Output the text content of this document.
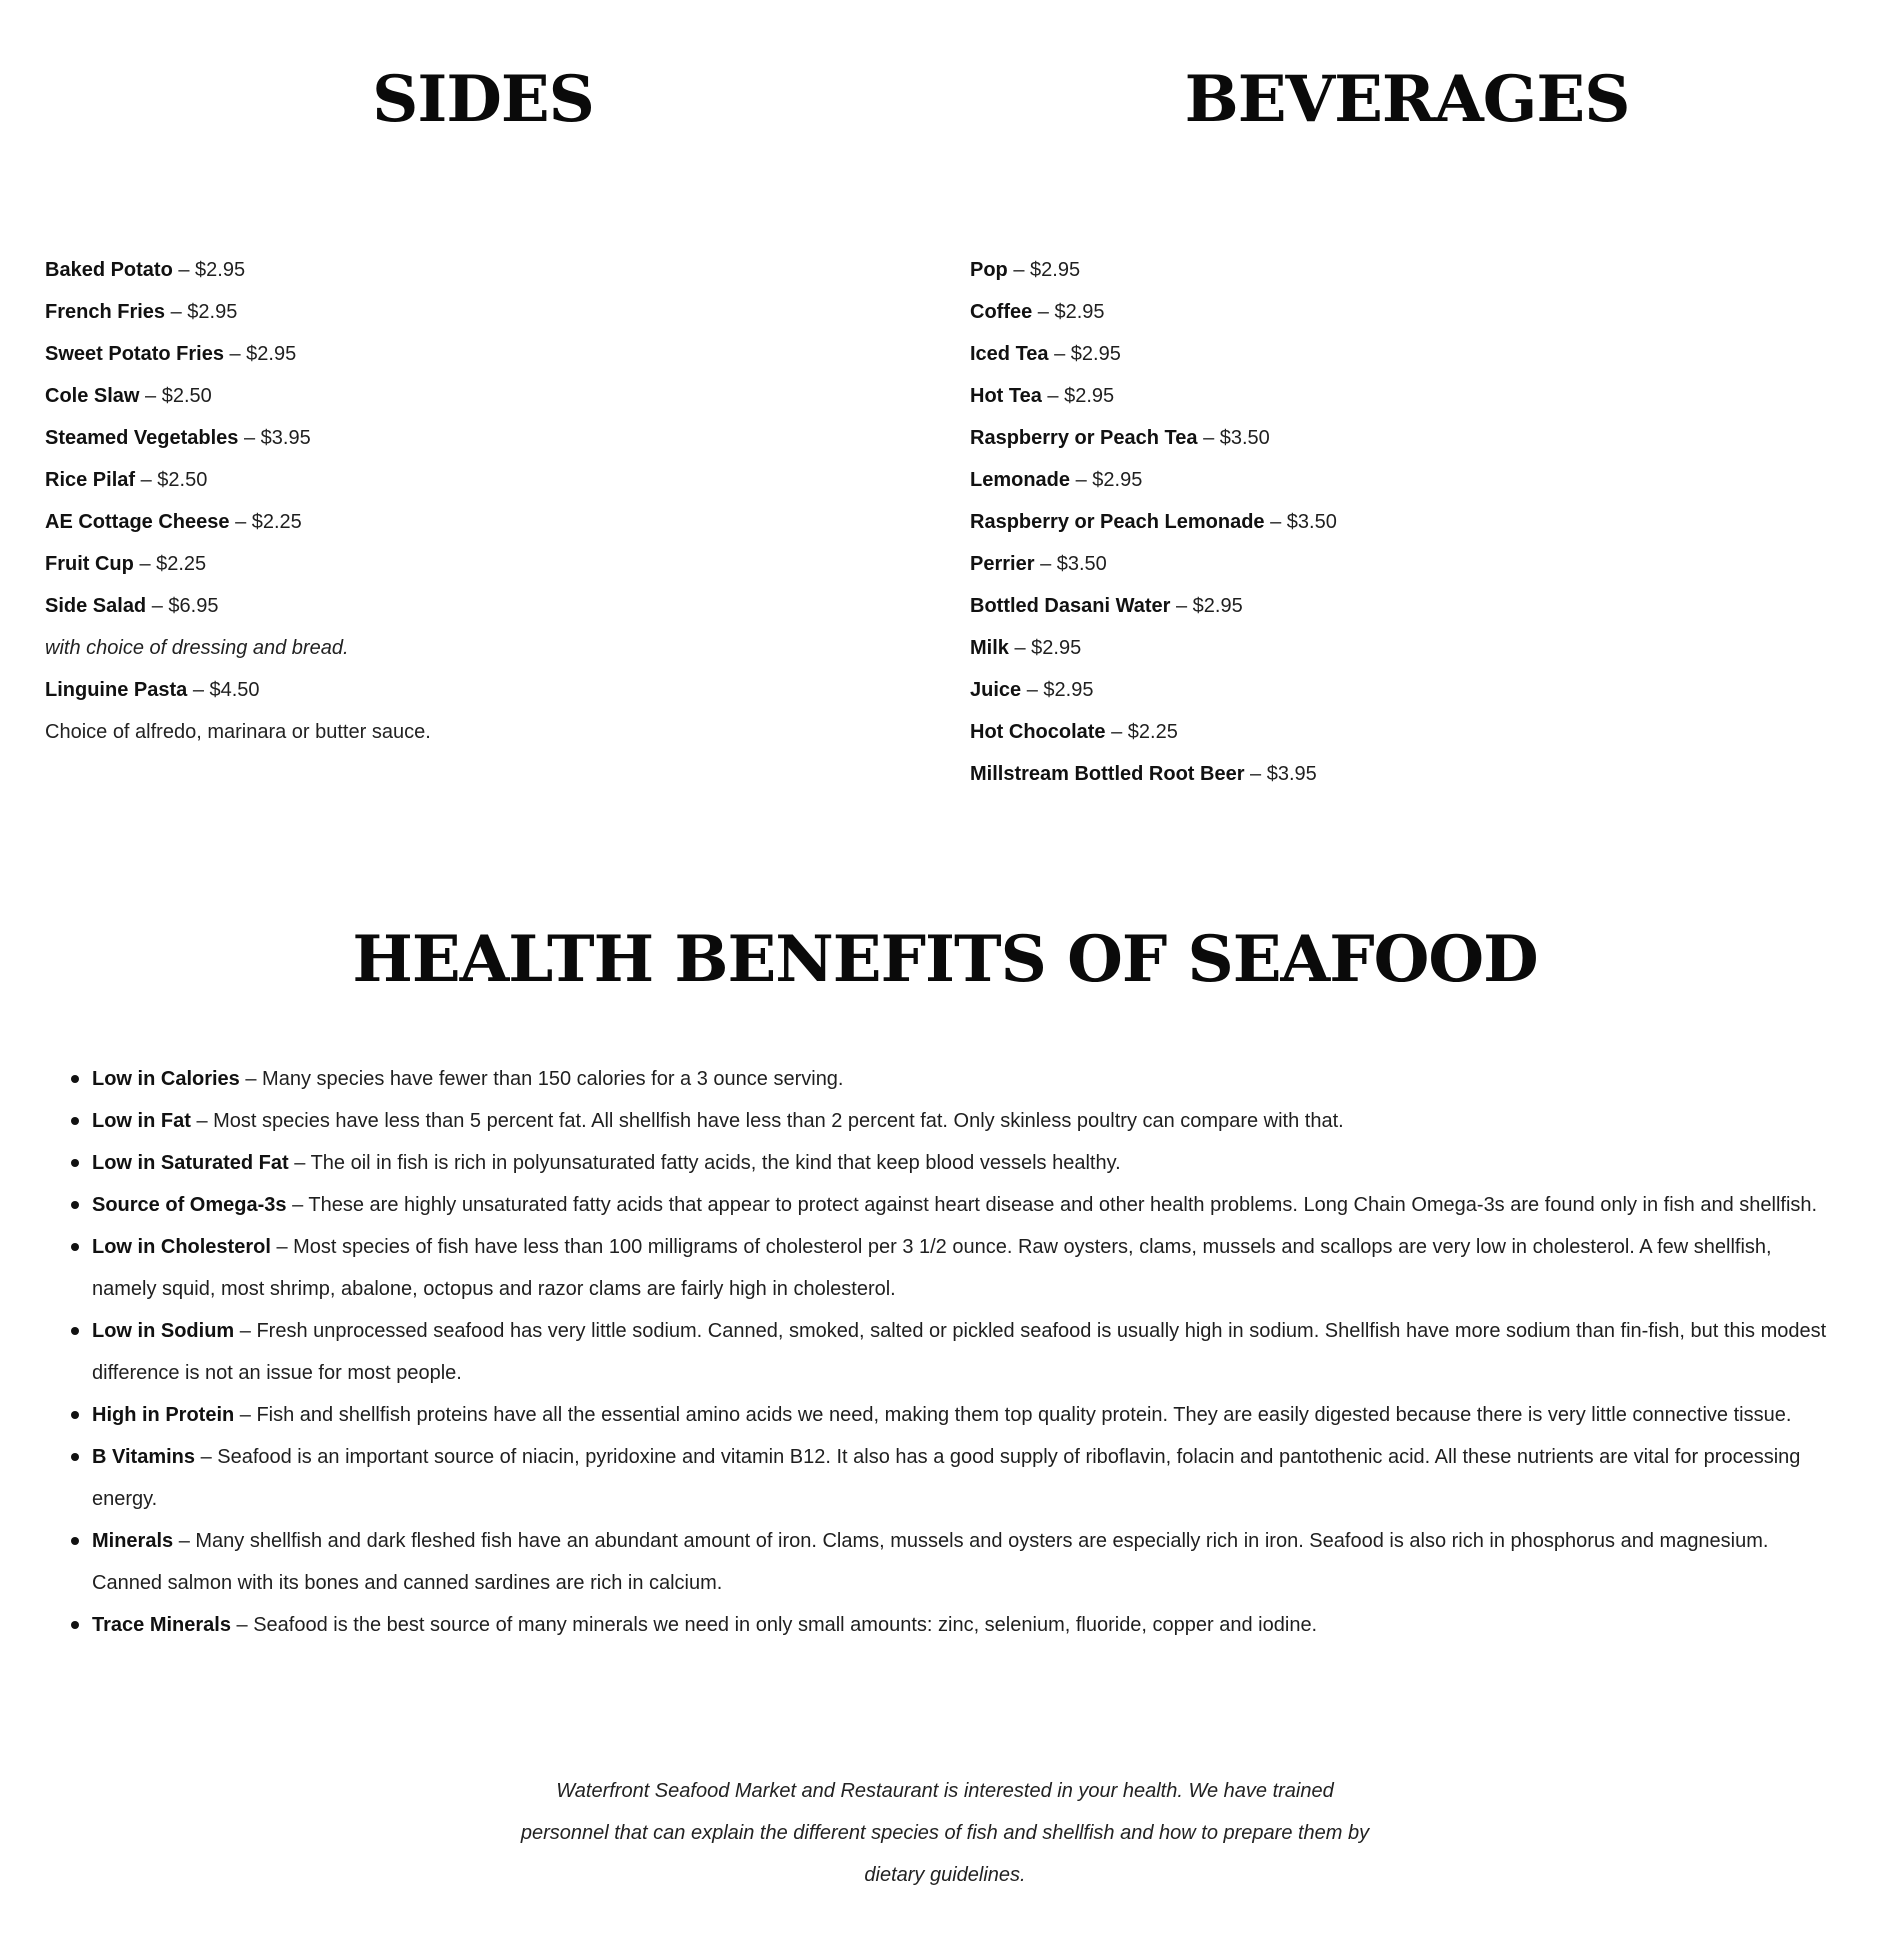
SIDES
Baked Potato – $2.95
French Fries – $2.95
Sweet Potato Fries – $2.95
Cole Slaw – $2.50
Steamed Vegetables – $3.95
Rice Pilaf – $2.50
AE Cottage Cheese – $2.25
Fruit Cup – $2.25
Side Salad – $6.95
with choice of dressing and bread.
Linguine Pasta – $4.50
Choice of alfredo, marinara or butter sauce.
BEVERAGES
Pop – $2.95
Coffee – $2.95
Iced Tea – $2.95
Hot Tea – $2.95
Raspberry or Peach Tea – $3.50
Lemonade – $2.95
Raspberry or Peach Lemonade – $3.50
Perrier – $3.50
Bottled Dasani Water – $2.95
Milk – $2.95
Juice – $2.95
Hot Chocolate – $2.25
Millstream Bottled Root Beer – $3.95
HEALTH BENEFITS OF SEAFOOD
Low in Calories – Many species have fewer than 150 calories for a 3 ounce serving.
Low in Fat – Most species have less than 5 percent fat. All shellfish have less than 2 percent fat. Only skinless poultry can compare with that.
Low in Saturated Fat – The oil in fish is rich in polyunsaturated fatty acids, the kind that keep blood vessels healthy.
Source of Omega-3s – These are highly unsaturated fatty acids that appear to protect against heart disease and other health problems. Long Chain Omega-3s are found only in fish and shellfish.
Low in Cholesterol – Most species of fish have less than 100 milligrams of cholesterol per 3 1/2 ounce. Raw oysters, clams, mussels and scallops are very low in cholesterol. A few shellfish, namely squid, most shrimp, abalone, octopus and razor clams are fairly high in cholesterol.
Low in Sodium – Fresh unprocessed seafood has very little sodium. Canned, smoked, salted or pickled seafood is usually high in sodium. Shellfish have more sodium than fin-fish, but this modest difference is not an issue for most people.
High in Protein – Fish and shellfish proteins have all the essential amino acids we need, making them top quality protein. They are easily digested because there is very little connective tissue.
B Vitamins – Seafood is an important source of niacin, pyridoxine and vitamin B12. It also has a good supply of riboflavin, folacin and pantothenic acid. All these nutrients are vital for processing energy.
Minerals – Many shellfish and dark fleshed fish have an abundant amount of iron. Clams, mussels and oysters are especially rich in iron. Seafood is also rich in phosphorus and magnesium. Canned salmon with its bones and canned sardines are rich in calcium.
Trace Minerals – Seafood is the best source of many minerals we need in only small amounts: zinc, selenium, fluoride, copper and iodine.

Waterfront Seafood Market and Restaurant is interested in your health. We have trained personnel that can explain the different species of fish and shellfish and how to prepare them by dietary guidelines.
